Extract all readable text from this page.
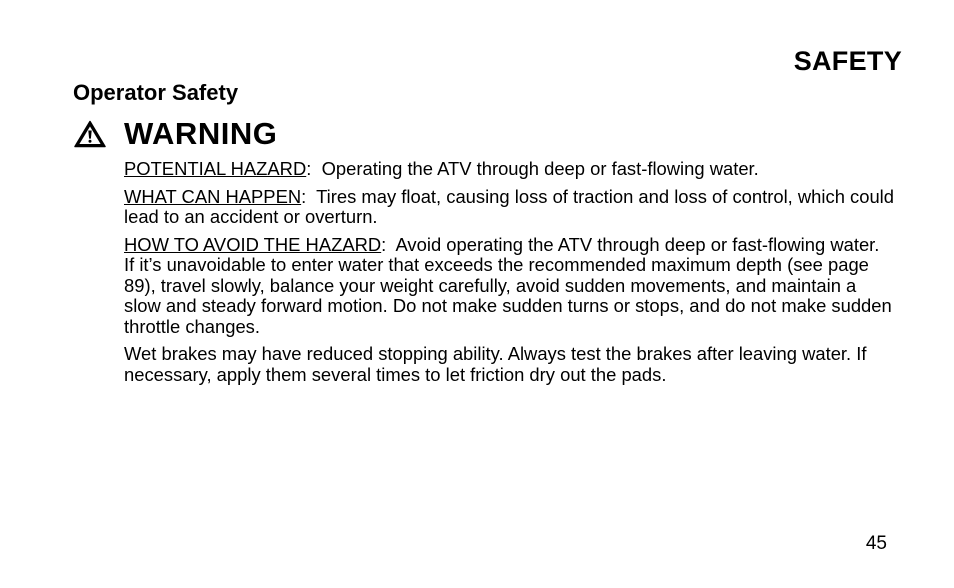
SAFETY
Operator Safety
WARNING

POTENTIAL HAZARD:  Operating the ATV through deep or fast-flowing water.

WHAT CAN HAPPEN:  Tires may float, causing loss of traction and loss of control, which could lead to an accident or overturn.

HOW TO AVOID THE HAZARD:  Avoid operating the ATV through deep or fast-flowing water. If it’s unavoidable to enter water that exceeds the recommended maximum depth (see page 89), travel slowly, balance your weight carefully, avoid sudden movements, and maintain a slow and steady forward motion. Do not make sudden turns or stops, and do not make sudden throttle changes.

Wet brakes may have reduced stopping ability. Always test the brakes after leaving water. If necessary, apply them several times to let friction dry out the pads.

45
